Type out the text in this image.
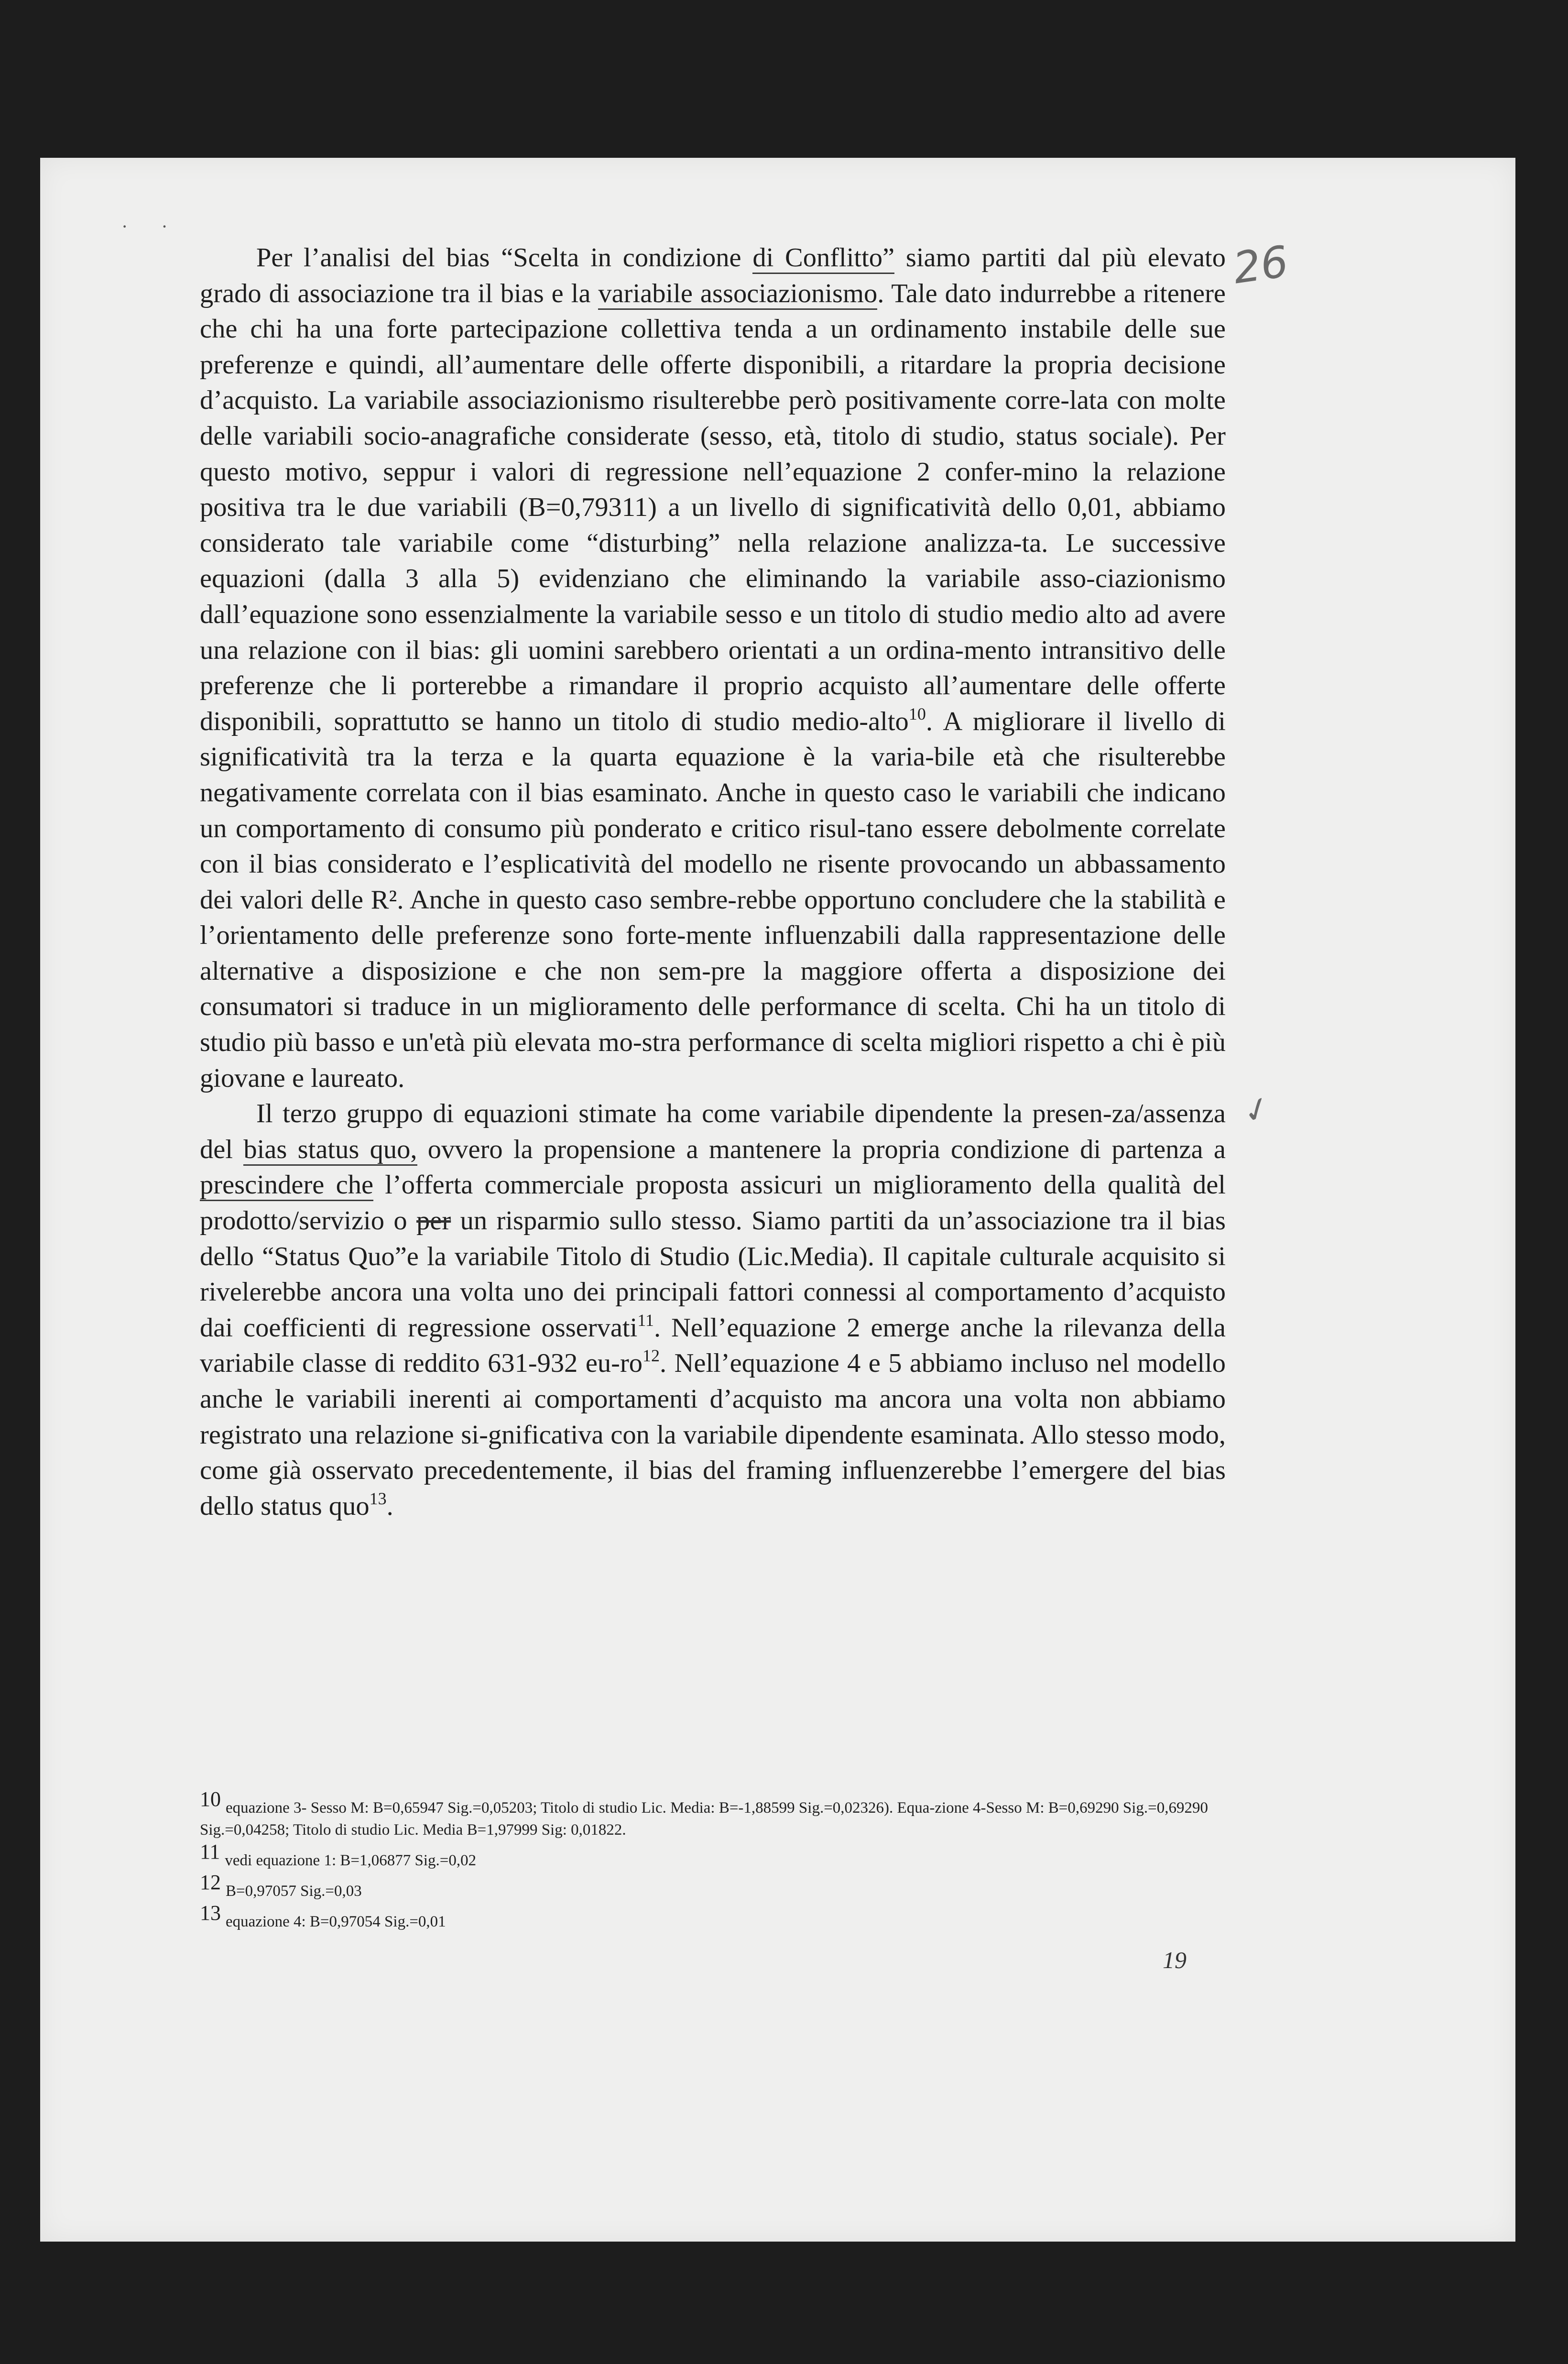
··

Per l’analisi del bias “Scelta in condizione di Conflitto” siamo partiti dal più elevato grado di associazione tra il bias e la variabile associazionismo. Tale dato indurrebbe a ritenere che chi ha una forte partecipazione collettiva tenda a un ordinamento instabile delle sue preferenze e quindi, all’aumentare delle offerte disponibili, a ritardare la propria decisione d’acquisto. La variabile associazionismo risulterebbe però positivamente corre-lata con molte delle variabili socio-anagrafiche considerate (sesso, età, titolo di studio, status sociale). Per questo motivo, seppur i valori di regressione nell’equazione 2 confer-mino la relazione positiva tra le due variabili (B=0,79311) a un livello di significatività dello 0,01, abbiamo considerato tale variabile come “disturbing” nella relazione analizza-ta. Le successive equazioni (dalla 3 alla 5) evidenziano che eliminando la variabile asso-ciazionismo dall’equazione sono essenzialmente la variabile sesso e un titolo di studio medio alto ad avere una relazione con il bias: gli uomini sarebbero orientati a un ordina-mento intransitivo delle preferenze che li porterebbe a rimandare il proprio acquisto all’aumentare delle offerte disponibili, soprattutto se hanno un titolo di studio medio-alto$^{10}$. A migliorare il livello di significatività tra la terza e la quarta equazione è la varia-bile età che risulterebbe negativamente correlata con il bias esaminato. Anche in questo caso le variabili che indicano un comportamento di consumo più ponderato e critico risul-tano essere debolmente correlate con il bias considerato e l’esplicatività del modello ne risente provocando un abbassamento dei valori delle R². Anche in questo caso sembre-rebbe opportuno concludere che la stabilità e l’orientamento delle preferenze sono forte-mente influenzabili dalla rappresentazione delle alternative a disposizione e che non sem-pre la maggiore offerta a disposizione dei consumatori si traduce in un miglioramento delle performance di scelta. Chi ha un titolo di studio più basso e un'età più elevata mo-stra performance di scelta migliori rispetto a chi è più giovane e laureato.

Il terzo gruppo di equazioni stimate ha come variabile dipendente la presen-za/assenza del bias status quo, ovvero la propensione a mantenere la propria condizione di partenza a prescindere che l’offerta commerciale proposta assicuri un miglioramento della qualità del prodotto/servizio o per un risparmio sullo stesso. Siamo partiti da un’associazione tra il bias dello “Status Quo”e la variabile Titolo di Studio (Lic.Media). Il capitale culturale acquisito si rivelerebbe ancora una volta uno dei principali fattori connessi al comportamento d’acquisto dai coefficienti di regressione osservati$^{11}$. Nell’equazione 2 emerge anche la rilevanza della variabile classe di reddito 631-932 $eu-ro^{12}$. Nell’equazione 4 e 5 abbiamo incluso nel modello anche le variabili inerenti ai comportamenti d’acquisto ma ancora una volta non abbiamo registrato una relazione si-gnificativa con la variabile dipendente esaminata. Allo stesso modo, come già osservato precedentemente, il bias del framing influenzerebbe l’emergere del bias dello status quo$^{13}$.

26
✓

10 equazione 3- Sesso M: B=0,65947 Sig.=0,05203; Titolo di studio Lic. Media: B=-1,88599 Sig.=0,02326). Equa-zione 4-Sesso M: B=0,69290 Sig.=0,69290 Sig.=0,04258; Titolo di studio Lic. Media B=1,97999 Sig: 0,01822.

11 vedi equazione 1: B=1,06877 Sig.=0,02

12 B=0,97057 Sig.=0,03

13 equazione 4: B=0,97054 Sig.=0,01

19
